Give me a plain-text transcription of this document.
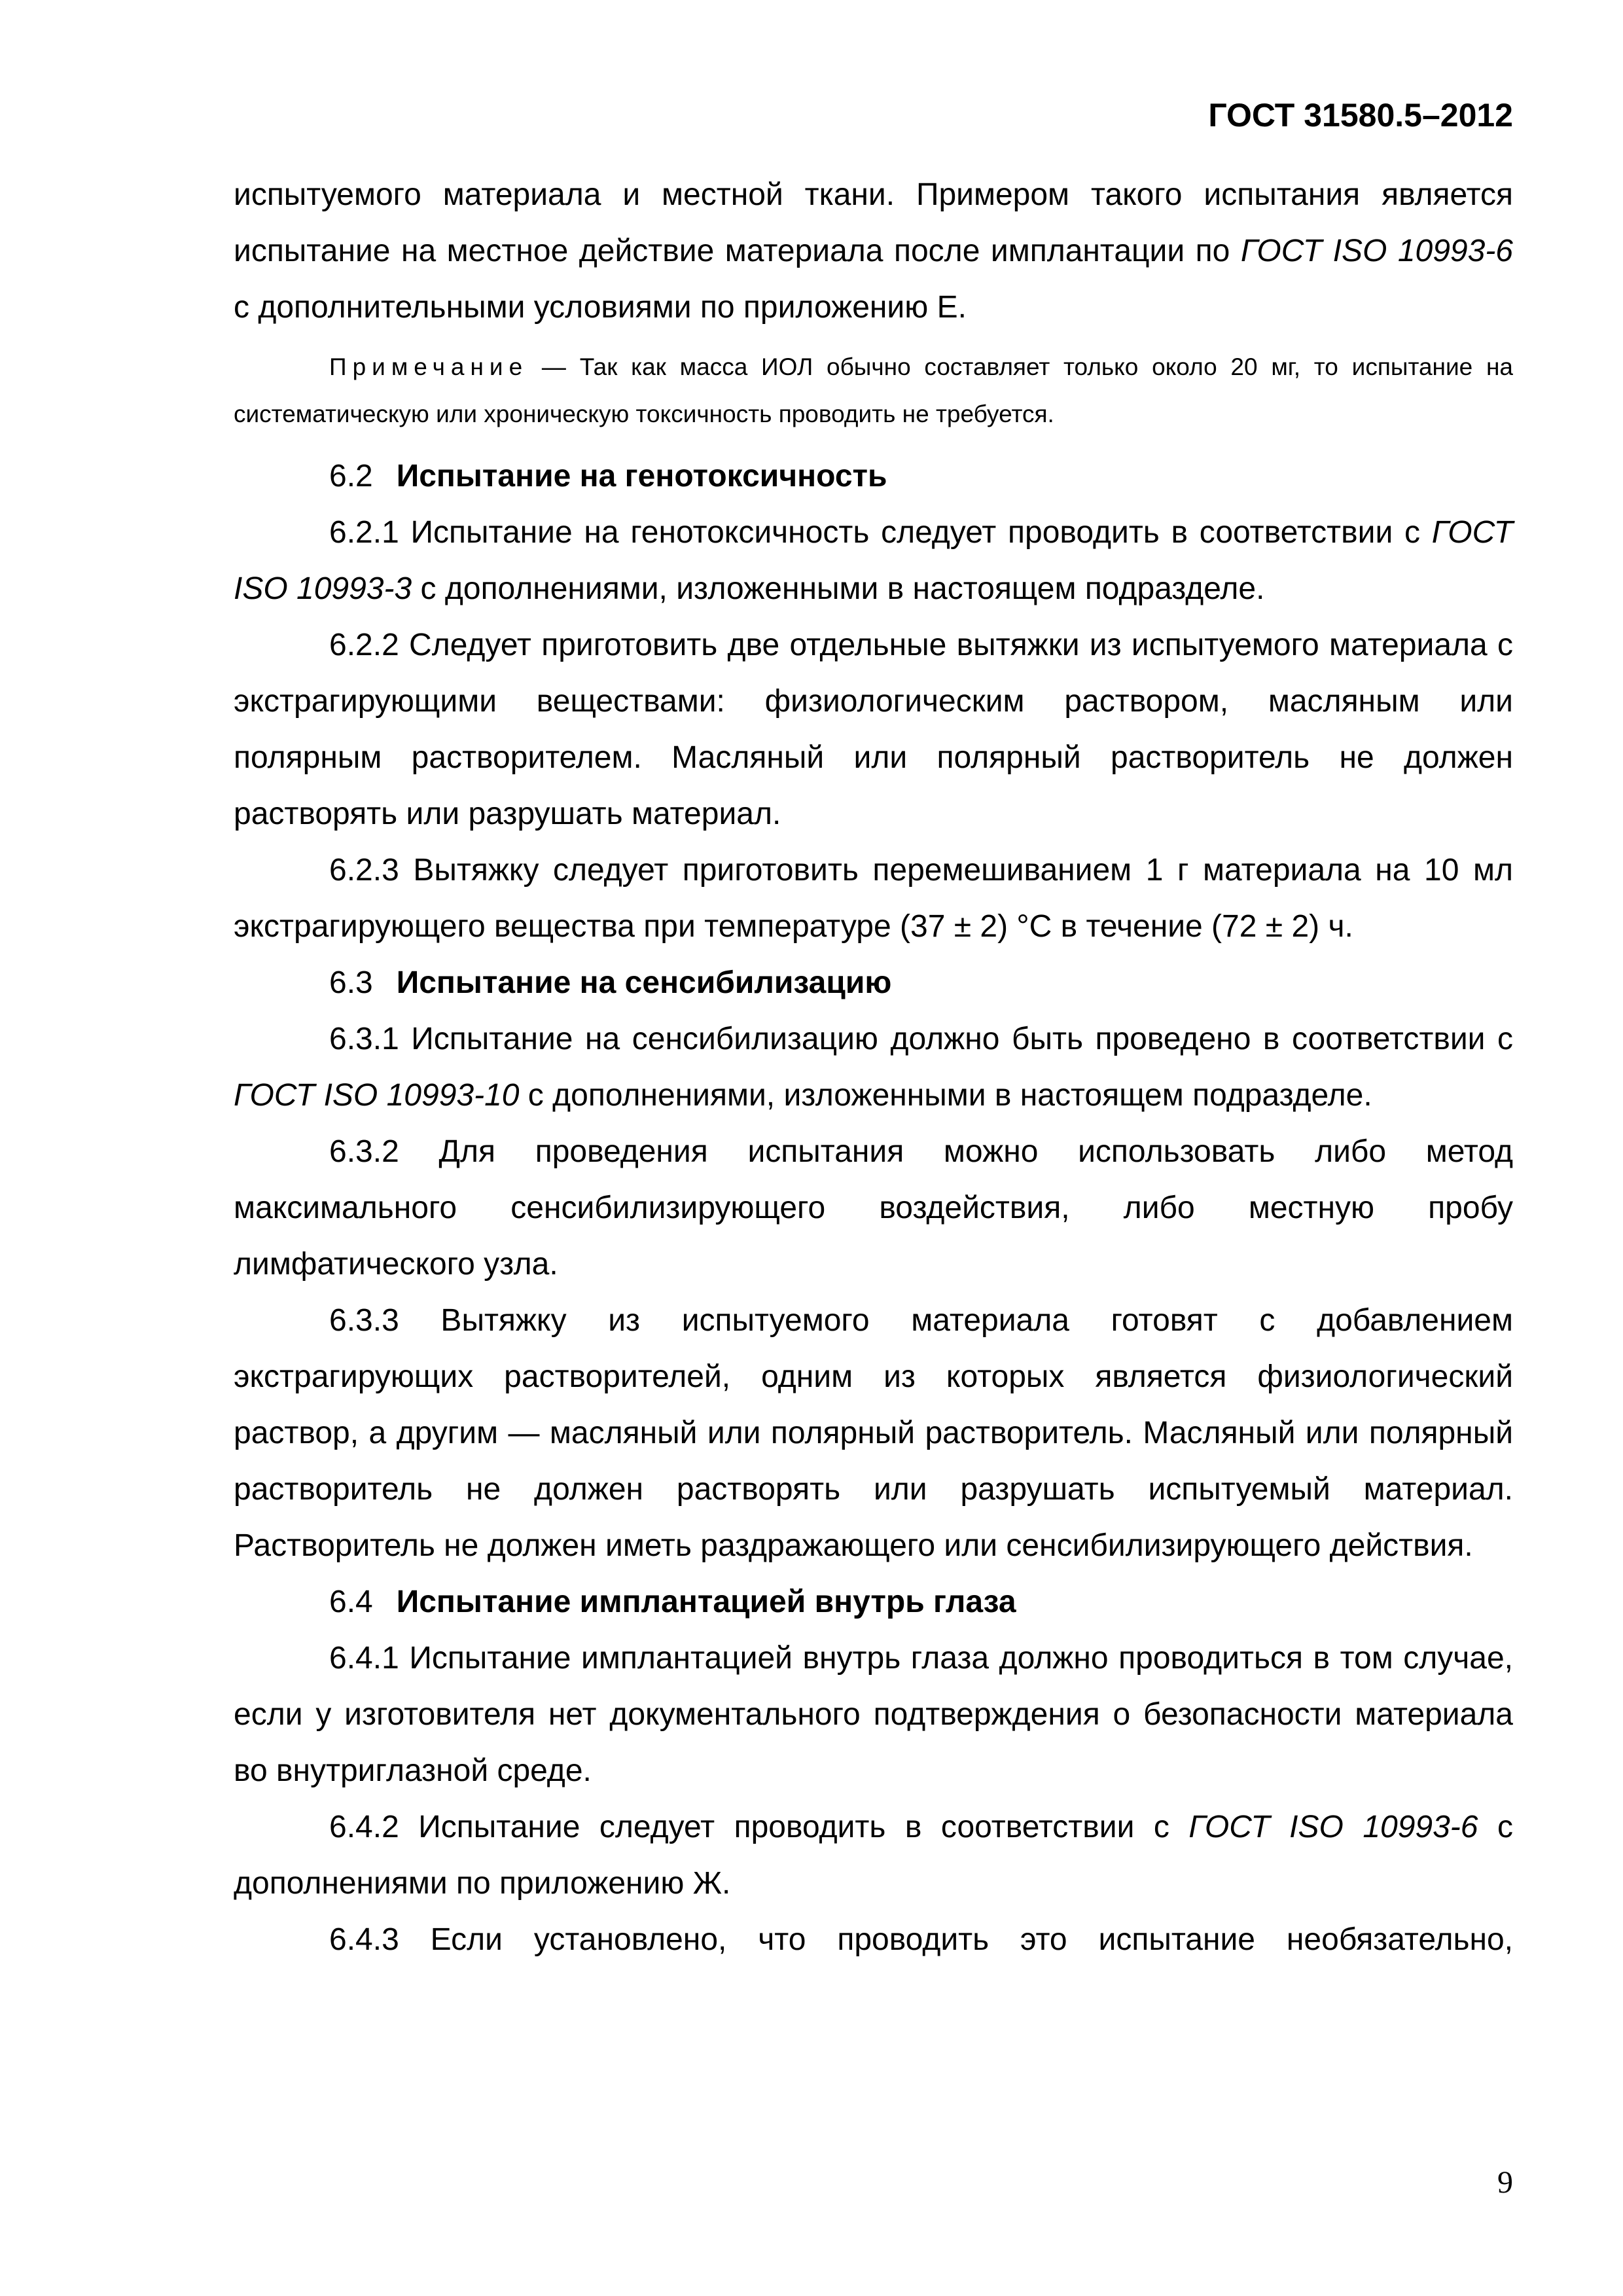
ГОСТ 31580.5–2012

испытуемого материала и местной ткани. Примером такого испытания является испытание на местное действие материала после имплантации по ГОСТ ISO 10993-6 с дополнительными условиями по приложению Е.

Примечание — Так как масса ИОЛ обычно составляет только около 20 мг, то испытание на систематическую или хроническую токсичность проводить не требуется.

6.2 Испытание на генотоксичность

6.2.1 Испытание на генотоксичность следует проводить в соответствии с ГОСТ ISO 10993-3 с дополнениями, изложенными в настоящем подразделе.

6.2.2 Следует приготовить две отдельные вытяжки из испытуемого материала с экстрагирующими веществами: физиологическим раствором, масляным или полярным растворителем. Масляный или полярный растворитель не должен растворять или разрушать материал.

6.2.3 Вытяжку следует приготовить перемешиванием 1 г материала на 10 мл экстрагирующего вещества при температуре (37 ± 2) °С в течение (72 ± 2) ч.

6.3 Испытание на сенсибилизацию

6.3.1 Испытание на сенсибилизацию должно быть проведено в соответствии с ГОСТ ISO 10993-10 с дополнениями, изложенными в настоящем подразделе.

6.3.2 Для проведения испытания можно использовать либо метод максимального сенсибилизирующего воздействия, либо местную пробу лимфатического узла.

6.3.3 Вытяжку из испытуемого материала готовят с добавлением экстрагирующих растворителей, одним из которых является физиологический раствор, а другим — масляный или полярный растворитель. Масляный или полярный растворитель не должен растворять или разрушать испытуемый материал. Растворитель не должен иметь раздражающего или сенсибилизирующего действия.

6.4 Испытание имплантацией внутрь глаза

6.4.1 Испытание имплантацией внутрь глаза должно проводиться в том случае, если у изготовителя нет документального подтверждения о безопасности материала во внутриглазной среде.

6.4.2 Испытание следует проводить в соответствии с ГОСТ ISO 10993-6 с дополнениями по приложению Ж.

6.4.3 Если установлено, что проводить это испытание необязательно,

9
